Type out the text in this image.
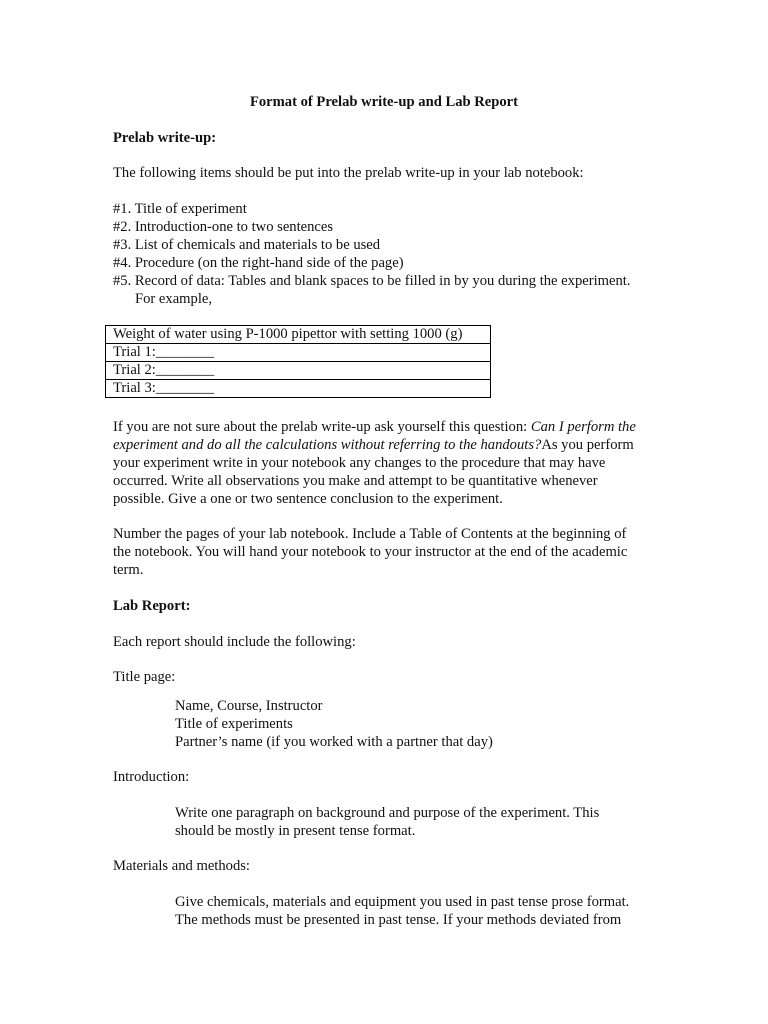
Format of Prelab write-up and Lab Report
Prelab write-up:
The following items should be put into the prelab write-up in your lab notebook:
#1. Title of experiment
#2. Introduction-one to two sentences
#3. List of chemicals and materials to be used
#4. Procedure (on the right-hand side of the page)
#5. Record of data: Tables and blank spaces to be filled in by you during the experiment.
For example,
Weight of water using P-1000 pipettor with setting 1000 (g)
Trial 1:________
Trial 2:________
Trial 3:________
If you are not sure about the prelab write-up ask yourself this question: Can I perform the
experiment and do all the calculations without referring to the handouts?As you perform
your experiment write in your notebook any changes to the procedure that may have
occurred. Write all observations you make and attempt to be quantitative whenever
possible. Give a one or two sentence conclusion to the experiment.
Number the pages of your lab notebook. Include a Table of Contents at the beginning of
the notebook. You will hand your notebook to your instructor at the end of the academic
term.
Lab Report:
Each report should include the following:
Title page:
Name, Course, Instructor
Title of experiments
Partner’s name (if you worked with a partner that day)
Introduction:
Write one paragraph on background and purpose of the experiment. This
should be mostly in present tense format.
Materials and methods:
Give chemicals, materials and equipment you used in past tense prose format.
The methods must be presented in past tense. If your methods deviated from
